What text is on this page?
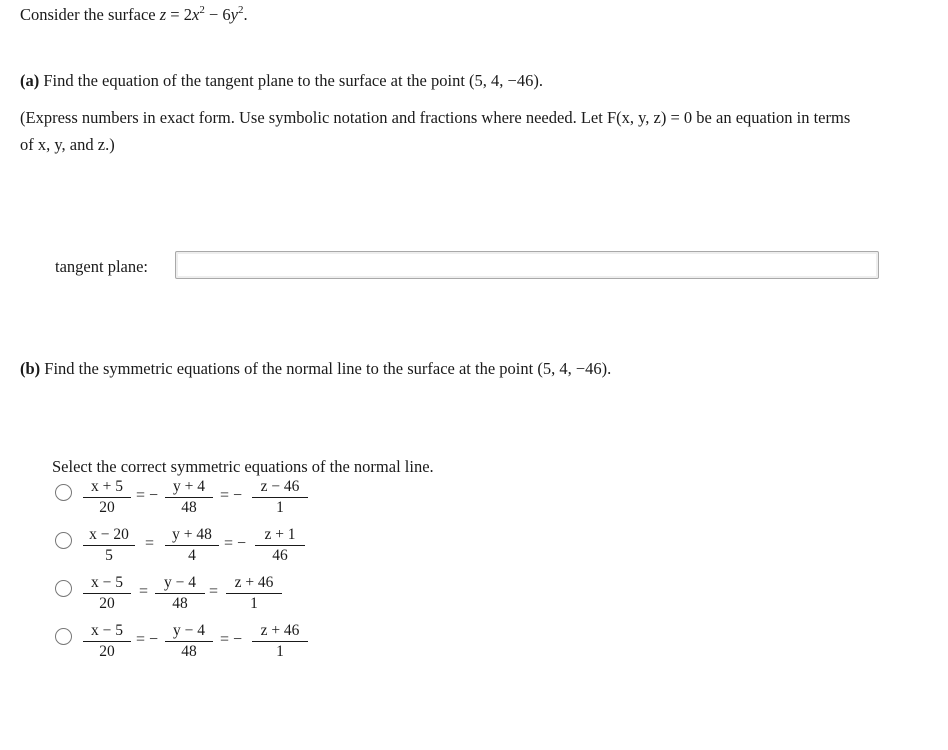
Consider the surface $z = 2x^2 - 6y^2$.
(a) Find the equation of the tangent plane to the surface at the point (5, 4, −46).
(Express numbers in exact form. Use symbolic notation and fractions where needed. Let F(x, y, z) = 0 be an equation in terms
of x, y, and z.)
tangent plane:
(b) Find the symmetric equations of the normal line to the surface at the point (5, 4, −46).
Select the correct symmetric equations of the normal line.
x + 5
20
= −
y + 4
48
= −
z − 46
1
x − 20
5
=
y + 48
4
= −
z + 1
46
x − 5
20
=
y − 4
48
=
z + 46
1
x − 5
20
= −
y − 4
48
= −
z + 46
1
